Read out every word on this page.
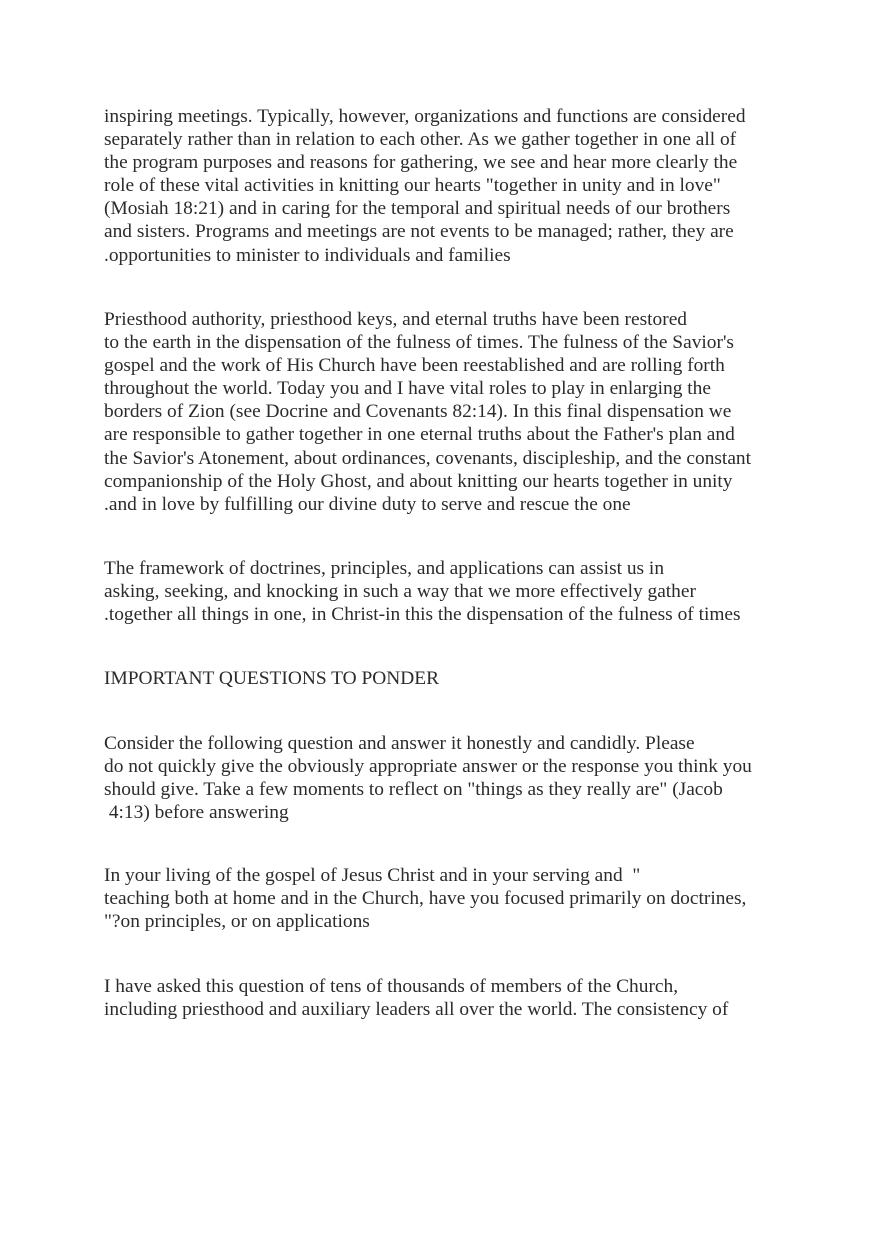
inspiring meetings. Typically, however, organizations and functions are considered
separately rather than in relation to each other. As we gather together in one all of
the program purposes and reasons for gathering, we see and hear more clearly the
role of these vital activities in knitting our hearts "together in unity and in love"
(Mosiah 18:21) and in caring for the temporal and spiritual needs of our brothers
and sisters. Programs and meetings are not events to be managed; rather, they are
.opportunities to minister to individuals and families

Priesthood authority, priesthood keys, and eternal truths have been restored
to the earth in the dispensation of the fulness of times. The fulness of the Savior's
gospel and the work of His Church have been reestablished and are rolling forth
throughout the world. Today you and I have vital roles to play in enlarging the
borders of Zion (see Docrine and Covenants 82:14). In this final dispensation we
are responsible to gather together in one eternal truths about the Father's plan and
the Savior's Atonement, about ordinances, covenants, discipleship, and the constant
companionship of the Holy Ghost, and about knitting our hearts together in unity
.and in love by fulfilling our divine duty to serve and rescue the one

The framework of doctrines, principles, and applications can assist us in
asking, seeking, and knocking in such a way that we more effectively gather
.together all things in one, in Christ-in this the dispensation of the fulness of times

IMPORTANT QUESTIONS TO PONDER

Consider the following question and answer it honestly and candidly. Please
do not quickly give the obviously appropriate answer or the response you think you
should give. Take a few moments to reflect on "things as they really are" (Jacob
4:13) before answering

In your living of the gospel of Jesus Christ and in your serving and  "
teaching both at home and in the Church, have you focused primarily on doctrines,
"?on principles, or on applications

I have asked this question of tens of thousands of members of the Church,
including priesthood and auxiliary leaders all over the world. The consistency of
